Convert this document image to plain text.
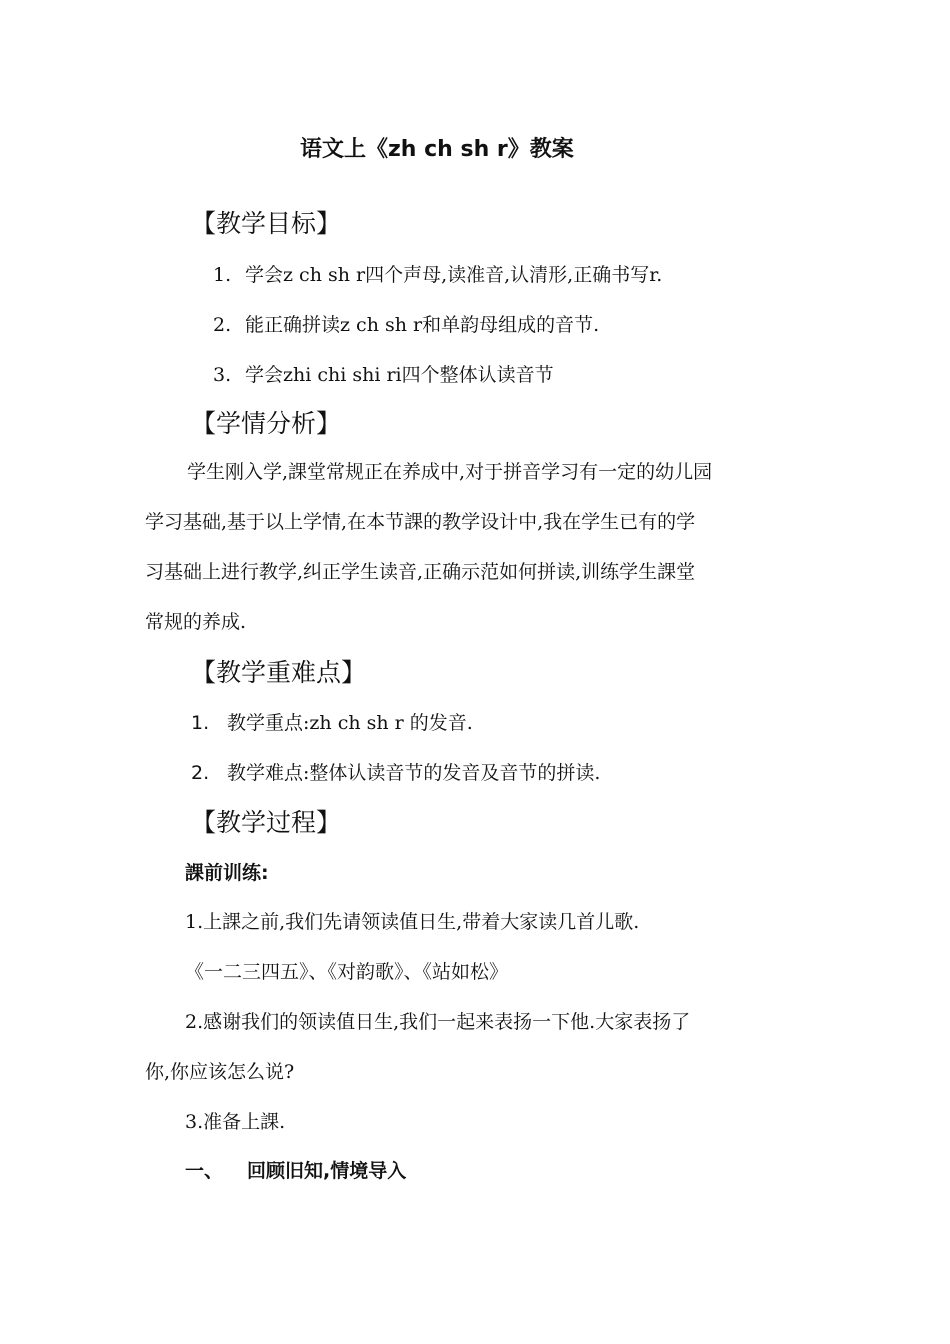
语文上《zh ch sh r》教案
【教学目标】
1. 学会z ch sh r四个声母,读准音,认清形,正确书写r.
2. 能正确拼读z ch sh r和单韵母组成的音节.
3. 学会zhi chi shi ri四个整体认读音节
【学情分析】
学生刚入学,課堂常规正在养成中,对于拼音学习有一定的幼儿园
学习基础,基于以上学情,在本节課的教学设计中,我在学生已有的学
习基础上进行教学,纠正学生读音,正确示范如何拼读,训练学生課堂
常规的养成.
【教学重难点】
1. 教学重点:zh ch sh r 的发音.
2. 教学难点:整体认读音节的发音及音节的拼读.
【教学过程】
課前训练:
1.上課之前,我们先请领读值日生,带着大家读几首儿歌.
《一二三四五》、《对韵歌》、《站如松》
2.感谢我们的领读值日生,我们一起来表扬一下他.大家表扬了
你,你应该怎么说?
3.准备上課.
一、 回顾旧知,情境导入
